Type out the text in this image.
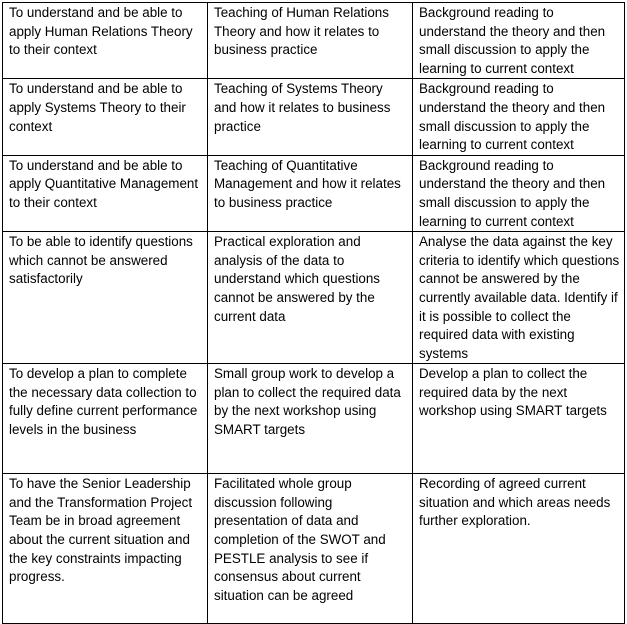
To understand and be able to apply Human Relations Theory to their context	Teaching of Human Relations Theory and how it relates to business practice	Background reading to understand the theory and then small discussion to apply the learning to current context
To understand and be able to apply Systems Theory to their context	Teaching of Systems Theory and how it relates to business practice	Background reading to understand the theory and then small discussion to apply the learning to current context
To understand and be able to apply Quantitative Management to their context	Teaching of Quantitative Management and how it relates to business practice	Background reading to understand the theory and then small discussion to apply the learning to current context
To be able to identify questions which cannot be answered satisfactorily	Practical exploration and analysis of the data to understand which questions cannot be answered by the current data	Analyse the data against the key criteria to identify which questions cannot be answered by the currently available data. Identify if it is possible to collect the required data with existing systems
To develop a plan to complete the necessary data collection to fully define current performance levels in the business	Small group work to develop a plan to collect the required data by the next workshop using SMART targets	Develop a plan to collect the required data by the next workshop using SMART targets
To have the Senior Leadership and the Transformation Project Team be in broad agreement about the current situation and the key constraints impacting progress.	Facilitated whole group discussion following presentation of data and completion of the SWOT and PESTLE analysis to see if consensus about current situation can be agreed	Recording of agreed current situation and which areas needs further exploration.
